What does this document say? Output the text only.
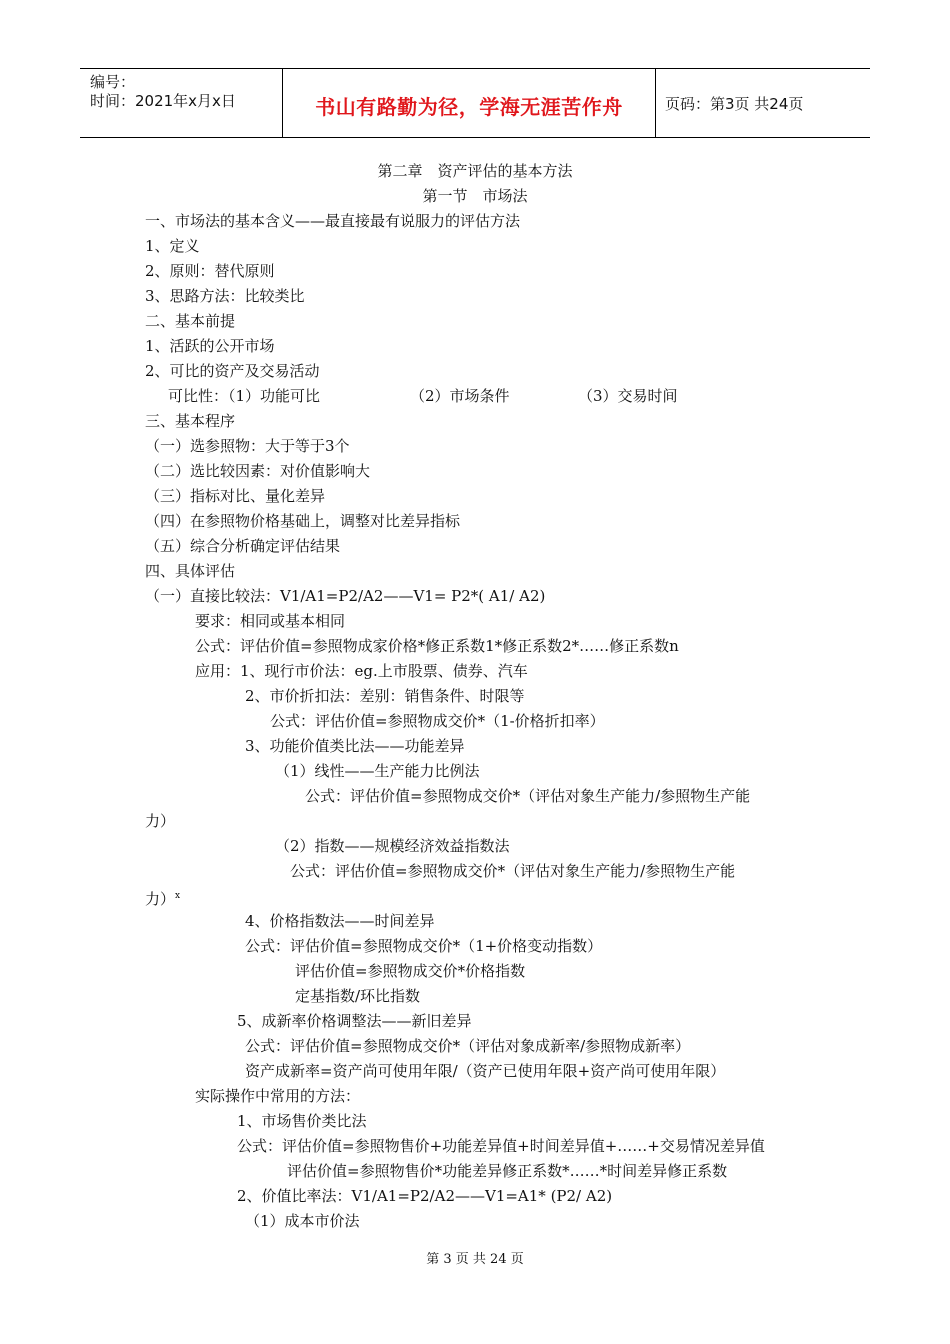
编号：
时间：2021年x月x日	书山有路勤为径，学海无涯苦作舟	页码：第3页 共24页
第二章　资产评估的基本方法
第一节　市场法
一、市场法的基本含义——最直接最有说服力的评估方法
1、定义
2、原则：替代原则
3、思路方法：比较类比
二、基本前提
1、活跃的公开市场
2、可比的资产及交易活动
可比性：（1）功能可比	（2）市场条件	（3）交易时间
三、基本程序
（一）选参照物：大于等于3个
（二）选比较因素：对价值影响大
（三）指标对比、量化差异
（四）在参照物价格基础上，调整对比差异指标
（五）综合分析确定评估结果
四、具体评估
（一）直接比较法：V1/A1=P2/A2——V1= P2*( A1/ A2)
要求：相同或基本相同
公式：评估价值=参照物成家价格*修正系数1*修正系数2*……修正系数n
应用：1、现行市价法：eg.上市股票、债券、汽车
2、市价折扣法：差别：销售条件、时限等
公式：评估价值=参照物成交价*（1-价格折扣率）
3、功能价值类比法——功能差异
（1）线性——生产能力比例法
公式：评估价值=参照物成交价*（评估对象生产能力/参照物生产能
力）
（2）指数——规模经济效益指数法
公式：评估价值=参照物成交价*（评估对象生产能力/参照物生产能
力）$^x$
4、价格指数法——时间差异
公式：评估价值=参照物成交价*（1+价格变动指数）
评估价值=参照物成交价*价格指数
定基指数/环比指数
5、成新率价格调整法——新旧差异
公式：评估价值=参照物成交价*（评估对象成新率/参照物成新率）
资产成新率=资产尚可使用年限/（资产已使用年限+资产尚可使用年限）
实际操作中常用的方法：
1、市场售价类比法
公式：评估价值=参照物售价+功能差异值+时间差异值+……+交易情况差异值
评估价值=参照物售价*功能差异修正系数*……*时间差异修正系数
2、价值比率法：V1/A1=P2/A2——V1=A1* (P2/ A2)
（1）成本市价法
第 3 页 共 24 页
